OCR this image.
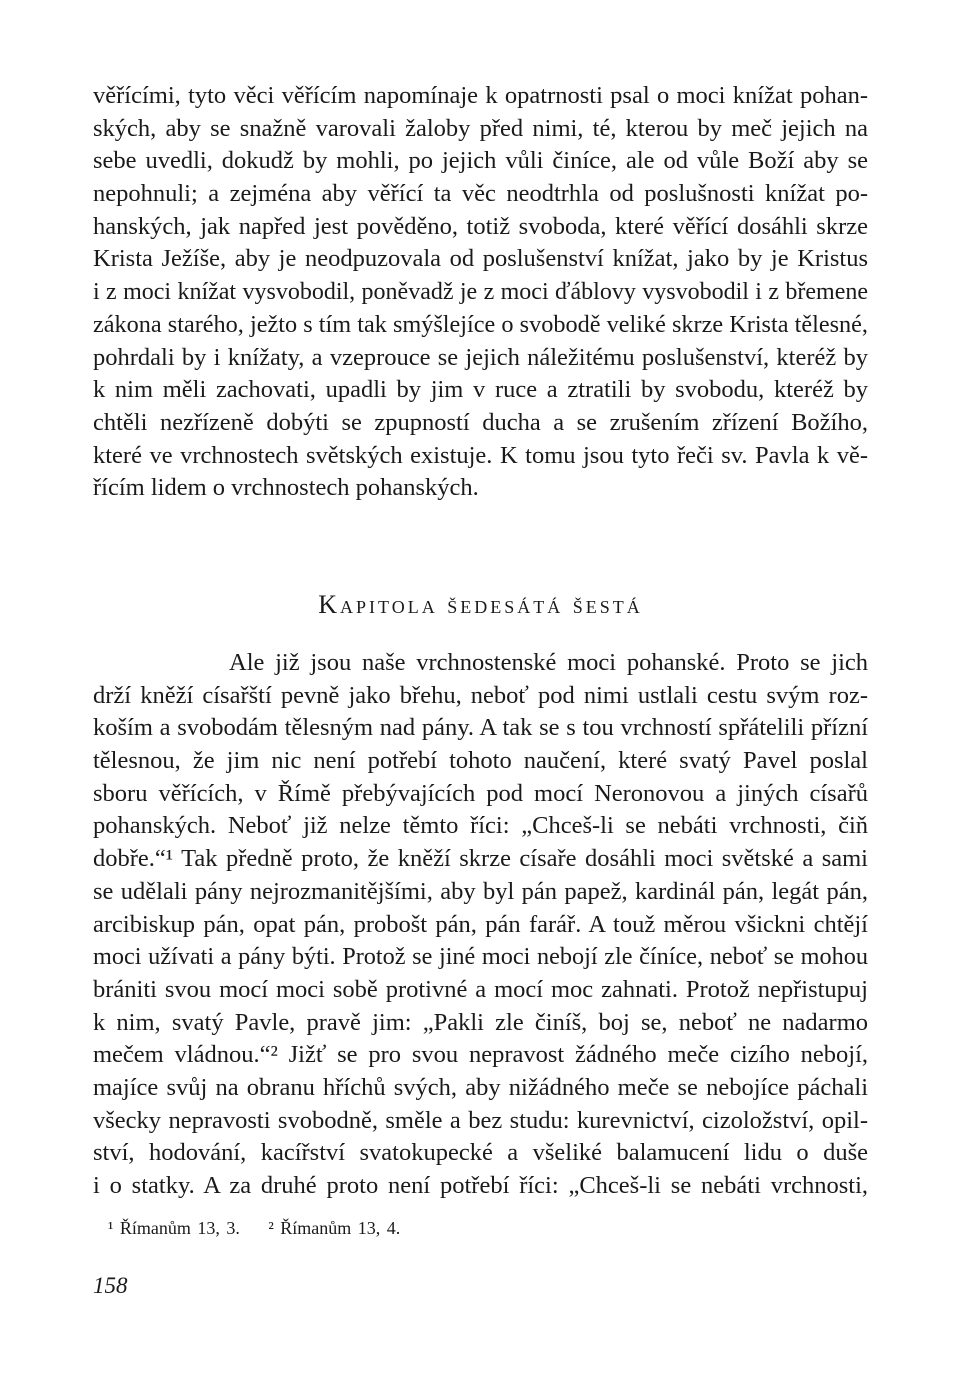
věřícími, tyto věci věřícím napomínaje k opatrnosti psal o moci knížat pohan-
ských, aby se snažně varovali žaloby před nimi, té, kterou by meč jejich na
sebe uvedli, dokudž by mohli, po jejich vůli činíce, ale od vůle Boží aby se
nepohnuli; a zejména aby věřící ta věc neodtrhla od poslušnosti knížat po-
hanských, jak napřed jest pověděno, totiž svoboda, které věřící dosáhli skrze
Krista Ježíše, aby je neodpuzovala od poslušenství knížat, jako by je Kristus
i z moci knížat vysvobodil, poněvadž je z moci ďáblovy vysvobodil i z břemene
zákona starého, ježto s tím tak smýšlejíce o svobodě veliké skrze Krista tělesné,
pohrdali by i knížaty, a vzeprouce se jejich náležitému poslušenství, kteréž by
k nim měli zachovati, upadli by jim v ruce a ztratili by svobodu, kteréž by
chtěli nezřízeně dobýti se zpupností ducha a se zrušením zřízení Božího,
které ve vrchnostech světských existuje. K tomu jsou tyto řeči sv. Pavla k vě-
řícím lidem o vrchnostech pohanských.
Kapitola šedesátá šestá
Ale již jsou naše vrchnostenské moci pohanské. Proto se jich
drží kněží císařští pevně jako břehu, neboť pod nimi ustlali cestu svým roz-
koším a svobodám tělesným nad pány. A tak se s tou vrchností spřátelili přízní
tělesnou, že jim nic není potřebí tohoto naučení, které svatý Pavel poslal
sboru věřících, v Římě přebývajících pod mocí Neronovou a jiných císařů
pohanských. Neboť již nelze těmto říci: „Chceš-li se nebáti vrchnosti, čiň
dobře.“¹ Tak předně proto, že kněží skrze císaře dosáhli moci světské a sami
se udělali pány nejrozmanitějšími, aby byl pán papež, kardinál pán, legát pán,
arcibiskup pán, opat pán, probošt pán, pán farář. A touž měrou všickni chtějí
moci užívati a pány býti. Protož se jiné moci nebojí zle číníce, neboť se mohou
brániti svou mocí moci sobě protivné a mocí moc zahnati. Protož nepřistupuj
k nim, svatý Pavle, pravě jim: „Pakli zle činíš, boj se, neboť ne nadarmo
mečem vládnou.“² Jižť se pro svou nepravost žádného meče cizího nebojí,
majíce svůj na obranu hříchů svých, aby nižádného meče se nebojíce páchali
všecky nepravosti svobodně, směle a bez studu: kurevnictví, cizoložství, opil-
ství, hodování, kacířství svatokupecké a všeliké balamucení lidu o duše
i o statky. A za druhé proto není potřebí říci: „Chceš-li se nebáti vrchnosti,
¹ Římanům 13, 3. ² Římanům 13, 4.
158
